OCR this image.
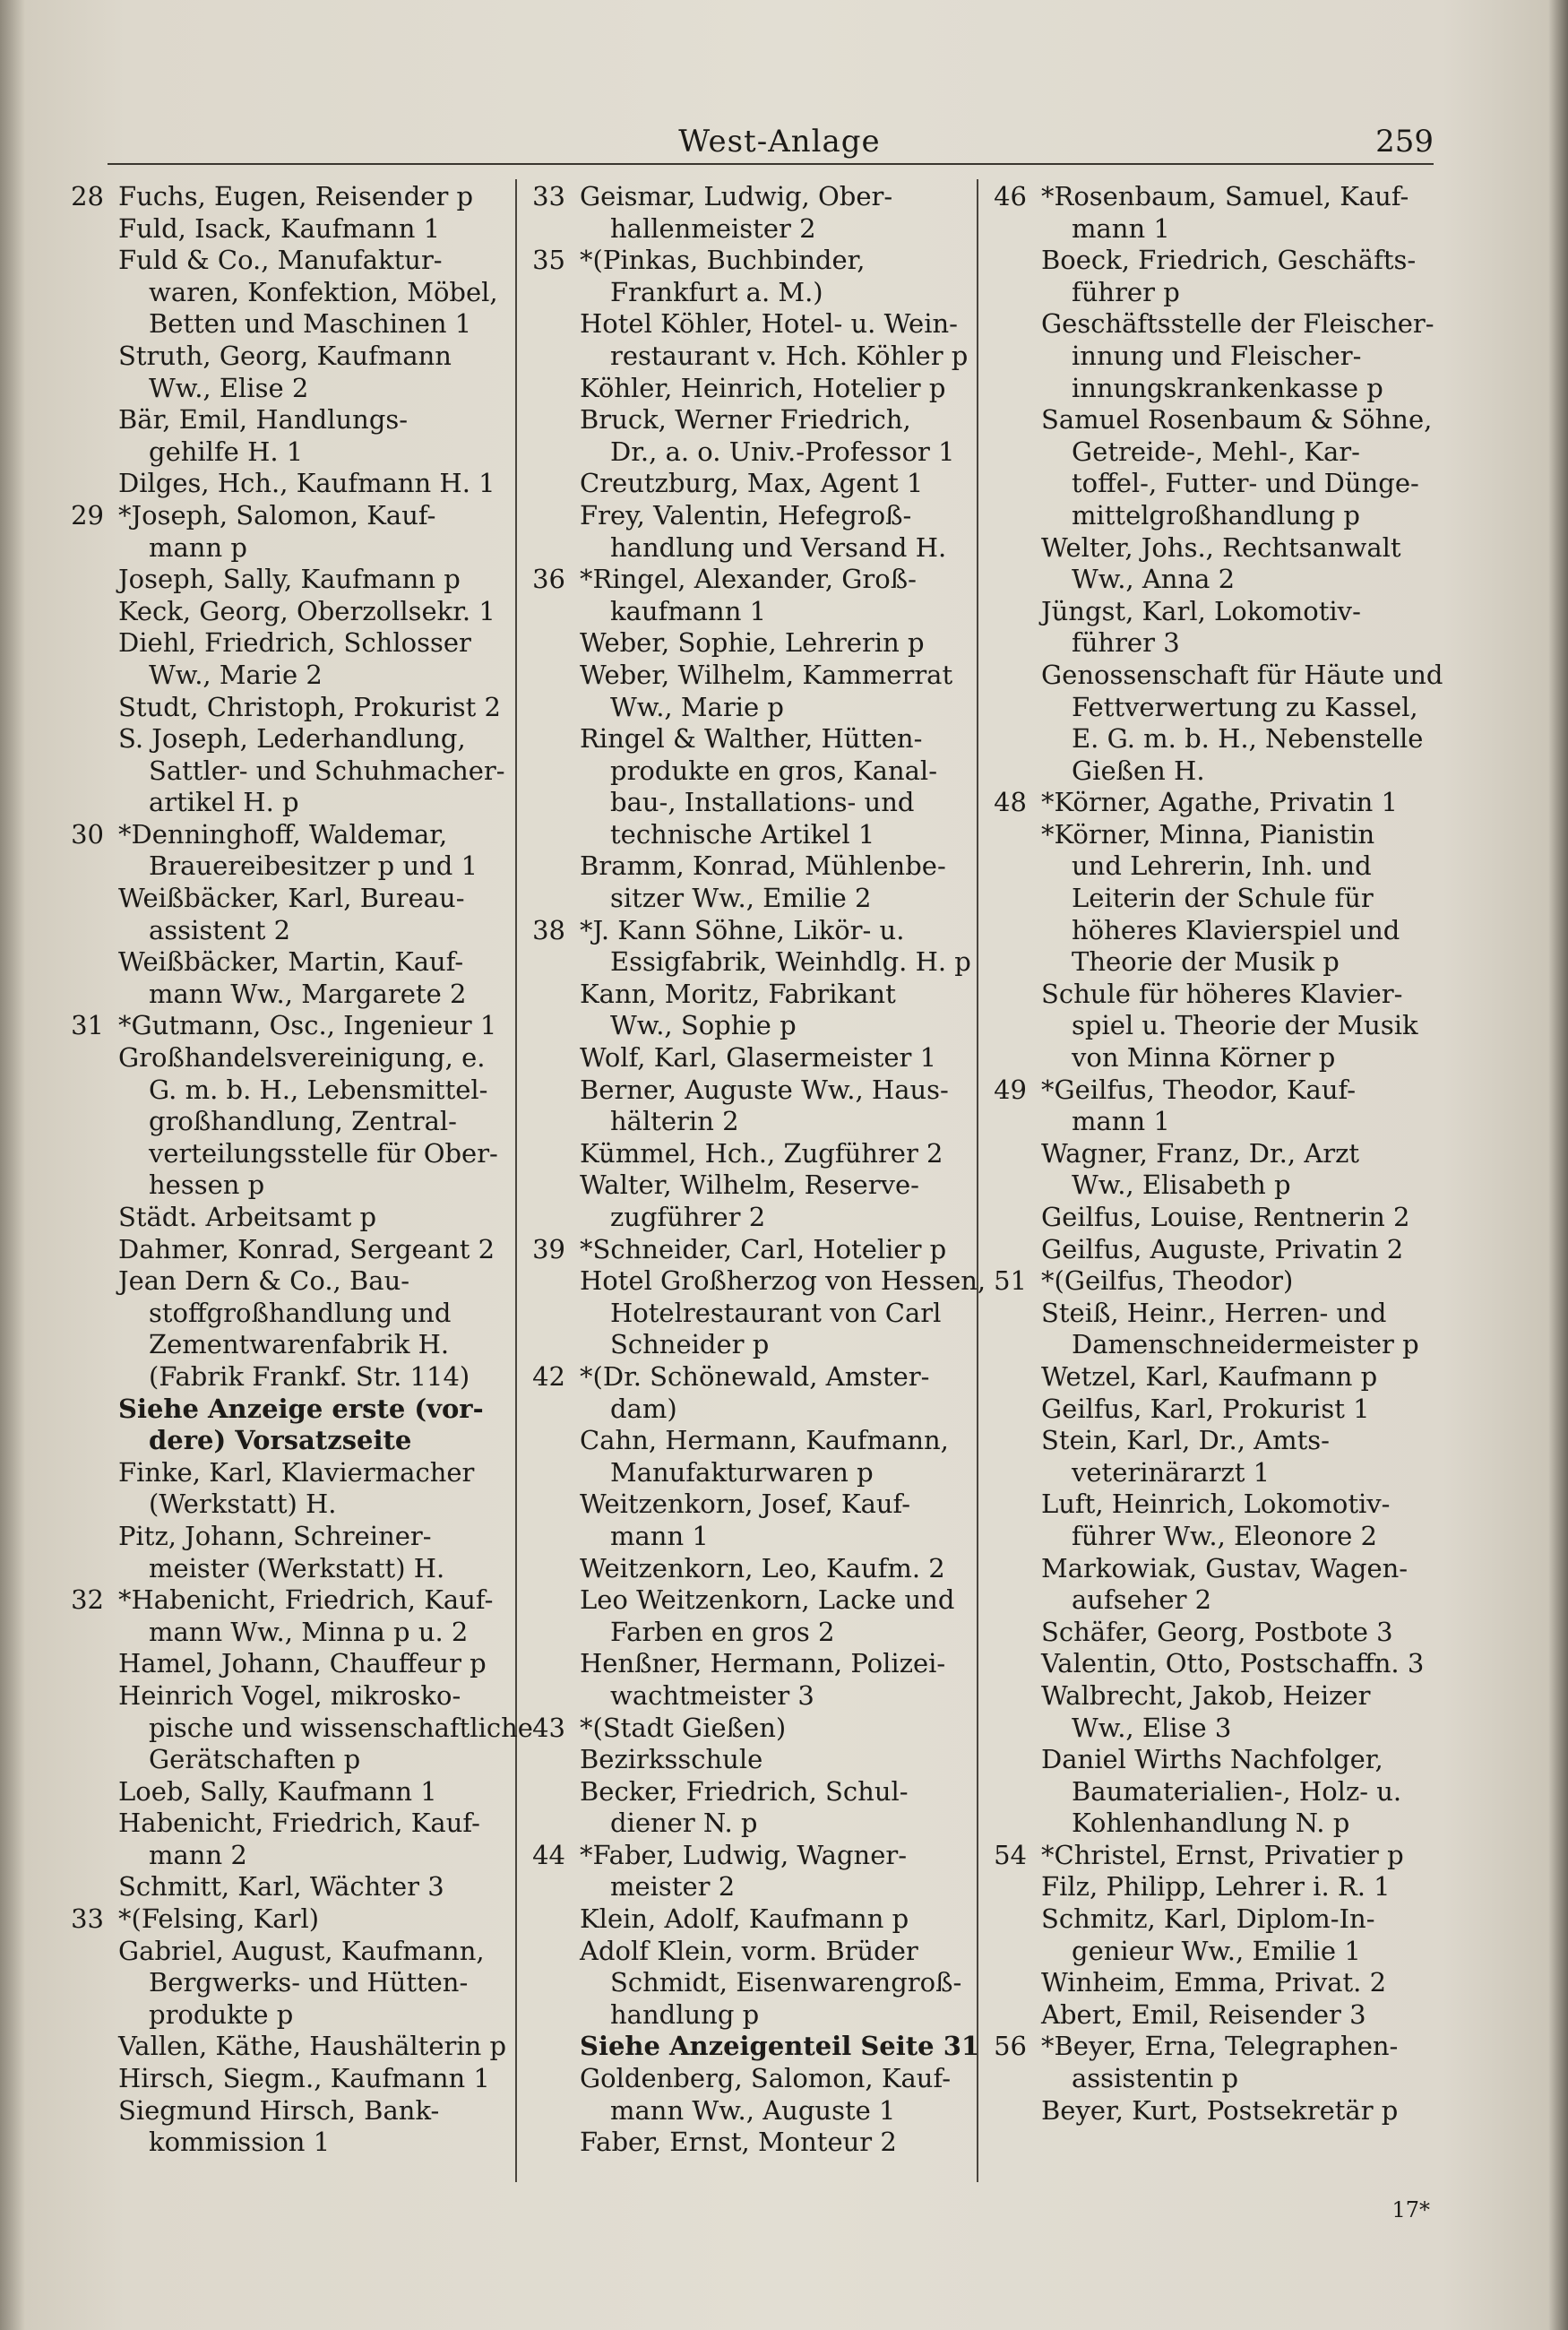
West-Anlage	259
28 Fuchs, Eugen, Reisender p
Fuld, Isack, Kaufmann 1
Fuld & Co., Manufaktur-
waren, Konfektion, Möbel,
Betten und Maschinen 1
Struth, Georg, Kaufmann
Ww., Elise 2
Bär, Emil, Handlungs-
gehilfe H. 1
Dilges, Hch., Kaufmann H. 1
29 *Joseph, Salomon, Kauf-
mann p
Joseph, Sally, Kaufmann p
Keck, Georg, Oberzollsekr. 1
Diehl, Friedrich, Schlosser
Ww., Marie 2
Studt, Christoph, Prokurist 2
S. Joseph, Lederhandlung,
Sattler- und Schuhmacher-
artikel H. p
30 *Denninghoff, Waldemar,
Brauereibesitzer p und 1
Weißbäcker, Karl, Bureau-
assistent 2
Weißbäcker, Martin, Kauf-
mann Ww., Margarete 2
31 *Gutmann, Osc., Ingenieur 1
Großhandelsvereinigung, e.
G. m. b. H., Lebensmittel-
großhandlung, Zentral-
verteilungsstelle für Ober-
hessen p
Städt. Arbeitsamt p
Dahmer, Konrad, Sergeant 2
Jean Dern & Co., Bau-
stoffgroßhandlung und
Zementwarenfabrik H.
(Fabrik Frankf. Str. 114)
Siehe Anzeige erste (vor-
dere) Vorsatzseite
Finke, Karl, Klaviermacher
(Werkstatt) H.
Pitz, Johann, Schreiner-
meister (Werkstatt) H.
32 *Habenicht, Friedrich, Kauf-
mann Ww., Minna p u. 2
Hamel, Johann, Chauffeur p
Heinrich Vogel, mikrosko-
pische und wissenschaftliche
Gerätschaften p
Loeb, Sally, Kaufmann 1
Habenicht, Friedrich, Kauf-
mann 2
Schmitt, Karl, Wächter 3
33 *(Felsing, Karl)
Gabriel, August, Kaufmann,
Bergwerks- und Hütten-
produkte p
Vallen, Käthe, Haushälterin p
Hirsch, Siegm., Kaufmann 1
Siegmund Hirsch, Bank-
kommission 1
33 Geismar, Ludwig, Ober-
hallenmeister 2
35 *(Pinkas, Buchbinder,
Frankfurt a. M.)
Hotel Köhler, Hotel- u. Wein-
restaurant v. Hch. Köhler p
Köhler, Heinrich, Hotelier p
Bruck, Werner Friedrich,
Dr., a. o. Univ.-Professor 1
Creutzburg, Max, Agent 1
Frey, Valentin, Hefegroß-
handlung und Versand H.
36 *Ringel, Alexander, Groß-
kaufmann 1
Weber, Sophie, Lehrerin p
Weber, Wilhelm, Kammerrat
Ww., Marie p
Ringel & Walther, Hütten-
produkte en gros, Kanal-
bau-, Installations- und
technische Artikel 1
Bramm, Konrad, Mühlenbe-
sitzer Ww., Emilie 2
38 *J. Kann Söhne, Likör- u.
Essigfabrik, Weinhdlg. H. p
Kann, Moritz, Fabrikant
Ww., Sophie p
Wolf, Karl, Glasermeister 1
Berner, Auguste Ww., Haus-
hälterin 2
Kümmel, Hch., Zugführer 2
Walter, Wilhelm, Reserve-
zugführer 2
39 *Schneider, Carl, Hotelier p
Hotel Großherzog von Hessen,
Hotelrestaurant von Carl
Schneider p
42 *(Dr. Schönewald, Amster-
dam)
Cahn, Hermann, Kaufmann,
Manufakturwaren p
Weitzenkorn, Josef, Kauf-
mann 1
Weitzenkorn, Leo, Kaufm. 2
Leo Weitzenkorn, Lacke und
Farben en gros 2
Henßner, Hermann, Polizei-
wachtmeister 3
43 *(Stadt Gießen)
Bezirksschule
Becker, Friedrich, Schul-
diener N. p
44 *Faber, Ludwig, Wagner-
meister 2
Klein, Adolf, Kaufmann p
Adolf Klein, vorm. Brüder
Schmidt, Eisenwarengroß-
handlung p
Siehe Anzeigenteil Seite 31
Goldenberg, Salomon, Kauf-
mann Ww., Auguste 1
Faber, Ernst, Monteur 2
46 *Rosenbaum, Samuel, Kauf-
mann 1
Boeck, Friedrich, Geschäfts-
führer p
Geschäftsstelle der Fleischer-
innung und Fleischer-
innungskrankenkasse p
Samuel Rosenbaum & Söhne,
Getreide-, Mehl-, Kar-
toffel-, Futter- und Dünge-
mittelgroßhandlung p
Welter, Johs., Rechtsanwalt
Ww., Anna 2
Jüngst, Karl, Lokomotiv-
führer 3
Genossenschaft für Häute und
Fettverwertung zu Kassel,
E. G. m. b. H., Nebenstelle
Gießen H.
48 *Körner, Agathe, Privatin 1
*Körner, Minna, Pianistin
und Lehrerin, Inh. und
Leiterin der Schule für
höheres Klavierspiel und
Theorie der Musik p
Schule für höheres Klavier-
spiel u. Theorie der Musik
von Minna Körner p
49 *Geilfus, Theodor, Kauf-
mann 1
Wagner, Franz, Dr., Arzt
Ww., Elisabeth p
Geilfus, Louise, Rentnerin 2
Geilfus, Auguste, Privatin 2
51 *(Geilfus, Theodor)
Steiß, Heinr., Herren- und
Damenschneidermeister p
Wetzel, Karl, Kaufmann p
Geilfus, Karl, Prokurist 1
Stein, Karl, Dr., Amts-
veterinärarzt 1
Luft, Heinrich, Lokomotiv-
führer Ww., Eleonore 2
Markowiak, Gustav, Wagen-
aufseher 2
Schäfer, Georg, Postbote 3
Valentin, Otto, Postschaffn. 3
Walbrecht, Jakob, Heizer
Ww., Elise 3
Daniel Wirths Nachfolger,
Baumaterialien-, Holz- u.
Kohlenhandlung N. p
54 *Christel, Ernst, Privatier p
Filz, Philipp, Lehrer i. R. 1
Schmitz, Karl, Diplom-In-
genieur Ww., Emilie 1
Winheim, Emma, Privat. 2
Abert, Emil, Reisender 3
56 *Beyer, Erna, Telegraphen-
assistentin p
Beyer, Kurt, Postsekretär p
17*
